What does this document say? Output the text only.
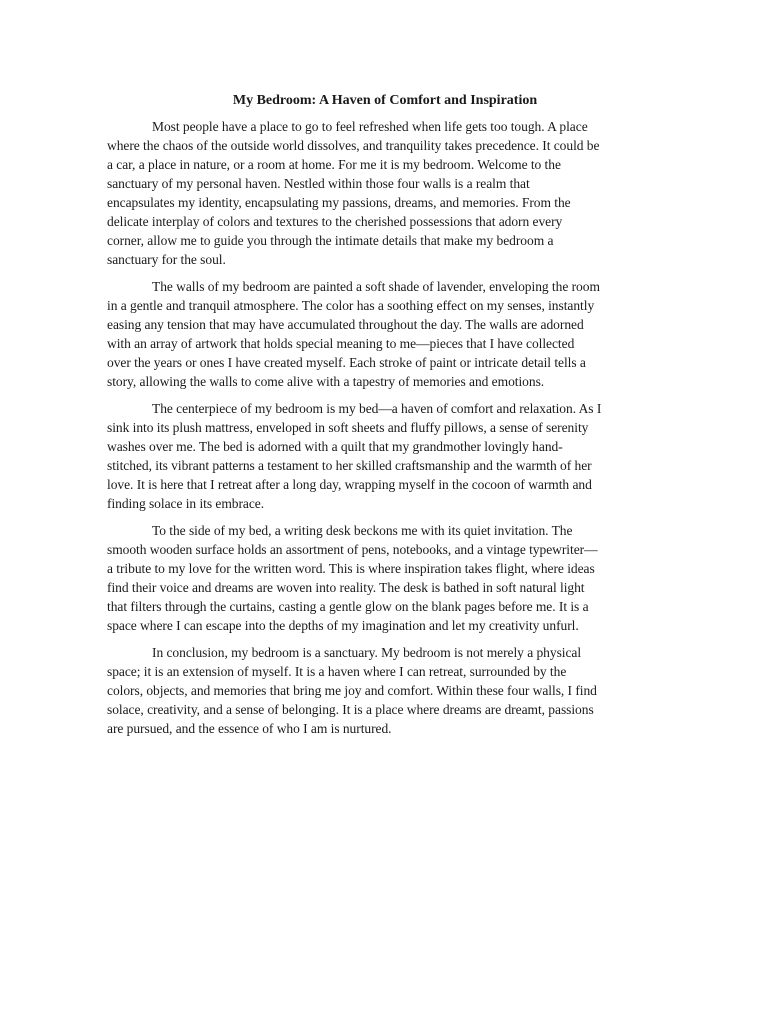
My Bedroom: A Haven of Comfort and Inspiration
Most people have a place to go to feel refreshed when life gets too tough. A place
where the chaos of the outside world dissolves, and tranquility takes precedence. It could be
a car, a place in nature, or a room at home. For me it is my bedroom. Welcome to the
sanctuary of my personal haven. Nestled within those four walls is a realm that
encapsulates my identity, encapsulating my passions, dreams, and memories. From the
delicate interplay of colors and textures to the cherished possessions that adorn every
corner, allow me to guide you through the intimate details that make my bedroom a
sanctuary for the soul.
The walls of my bedroom are painted a soft shade of lavender, enveloping the room
in a gentle and tranquil atmosphere. The color has a soothing effect on my senses, instantly
easing any tension that may have accumulated throughout the day. The walls are adorned
with an array of artwork that holds special meaning to me—pieces that I have collected
over the years or ones I have created myself. Each stroke of paint or intricate detail tells a
story, allowing the walls to come alive with a tapestry of memories and emotions.
The centerpiece of my bedroom is my bed—a haven of comfort and relaxation. As I
sink into its plush mattress, enveloped in soft sheets and fluffy pillows, a sense of serenity
washes over me. The bed is adorned with a quilt that my grandmother lovingly hand-
stitched, its vibrant patterns a testament to her skilled craftsmanship and the warmth of her
love. It is here that I retreat after a long day, wrapping myself in the cocoon of warmth and
finding solace in its embrace.
To the side of my bed, a writing desk beckons me with its quiet invitation. The
smooth wooden surface holds an assortment of pens, notebooks, and a vintage typewriter—
a tribute to my love for the written word. This is where inspiration takes flight, where ideas
find their voice and dreams are woven into reality. The desk is bathed in soft natural light
that filters through the curtains, casting a gentle glow on the blank pages before me. It is a
space where I can escape into the depths of my imagination and let my creativity unfurl.
In conclusion, my bedroom is a sanctuary. My bedroom is not merely a physical
space; it is an extension of myself. It is a haven where I can retreat, surrounded by the
colors, objects, and memories that bring me joy and comfort. Within these four walls, I find
solace, creativity, and a sense of belonging. It is a place where dreams are dreamt, passions
are pursued, and the essence of who I am is nurtured.
